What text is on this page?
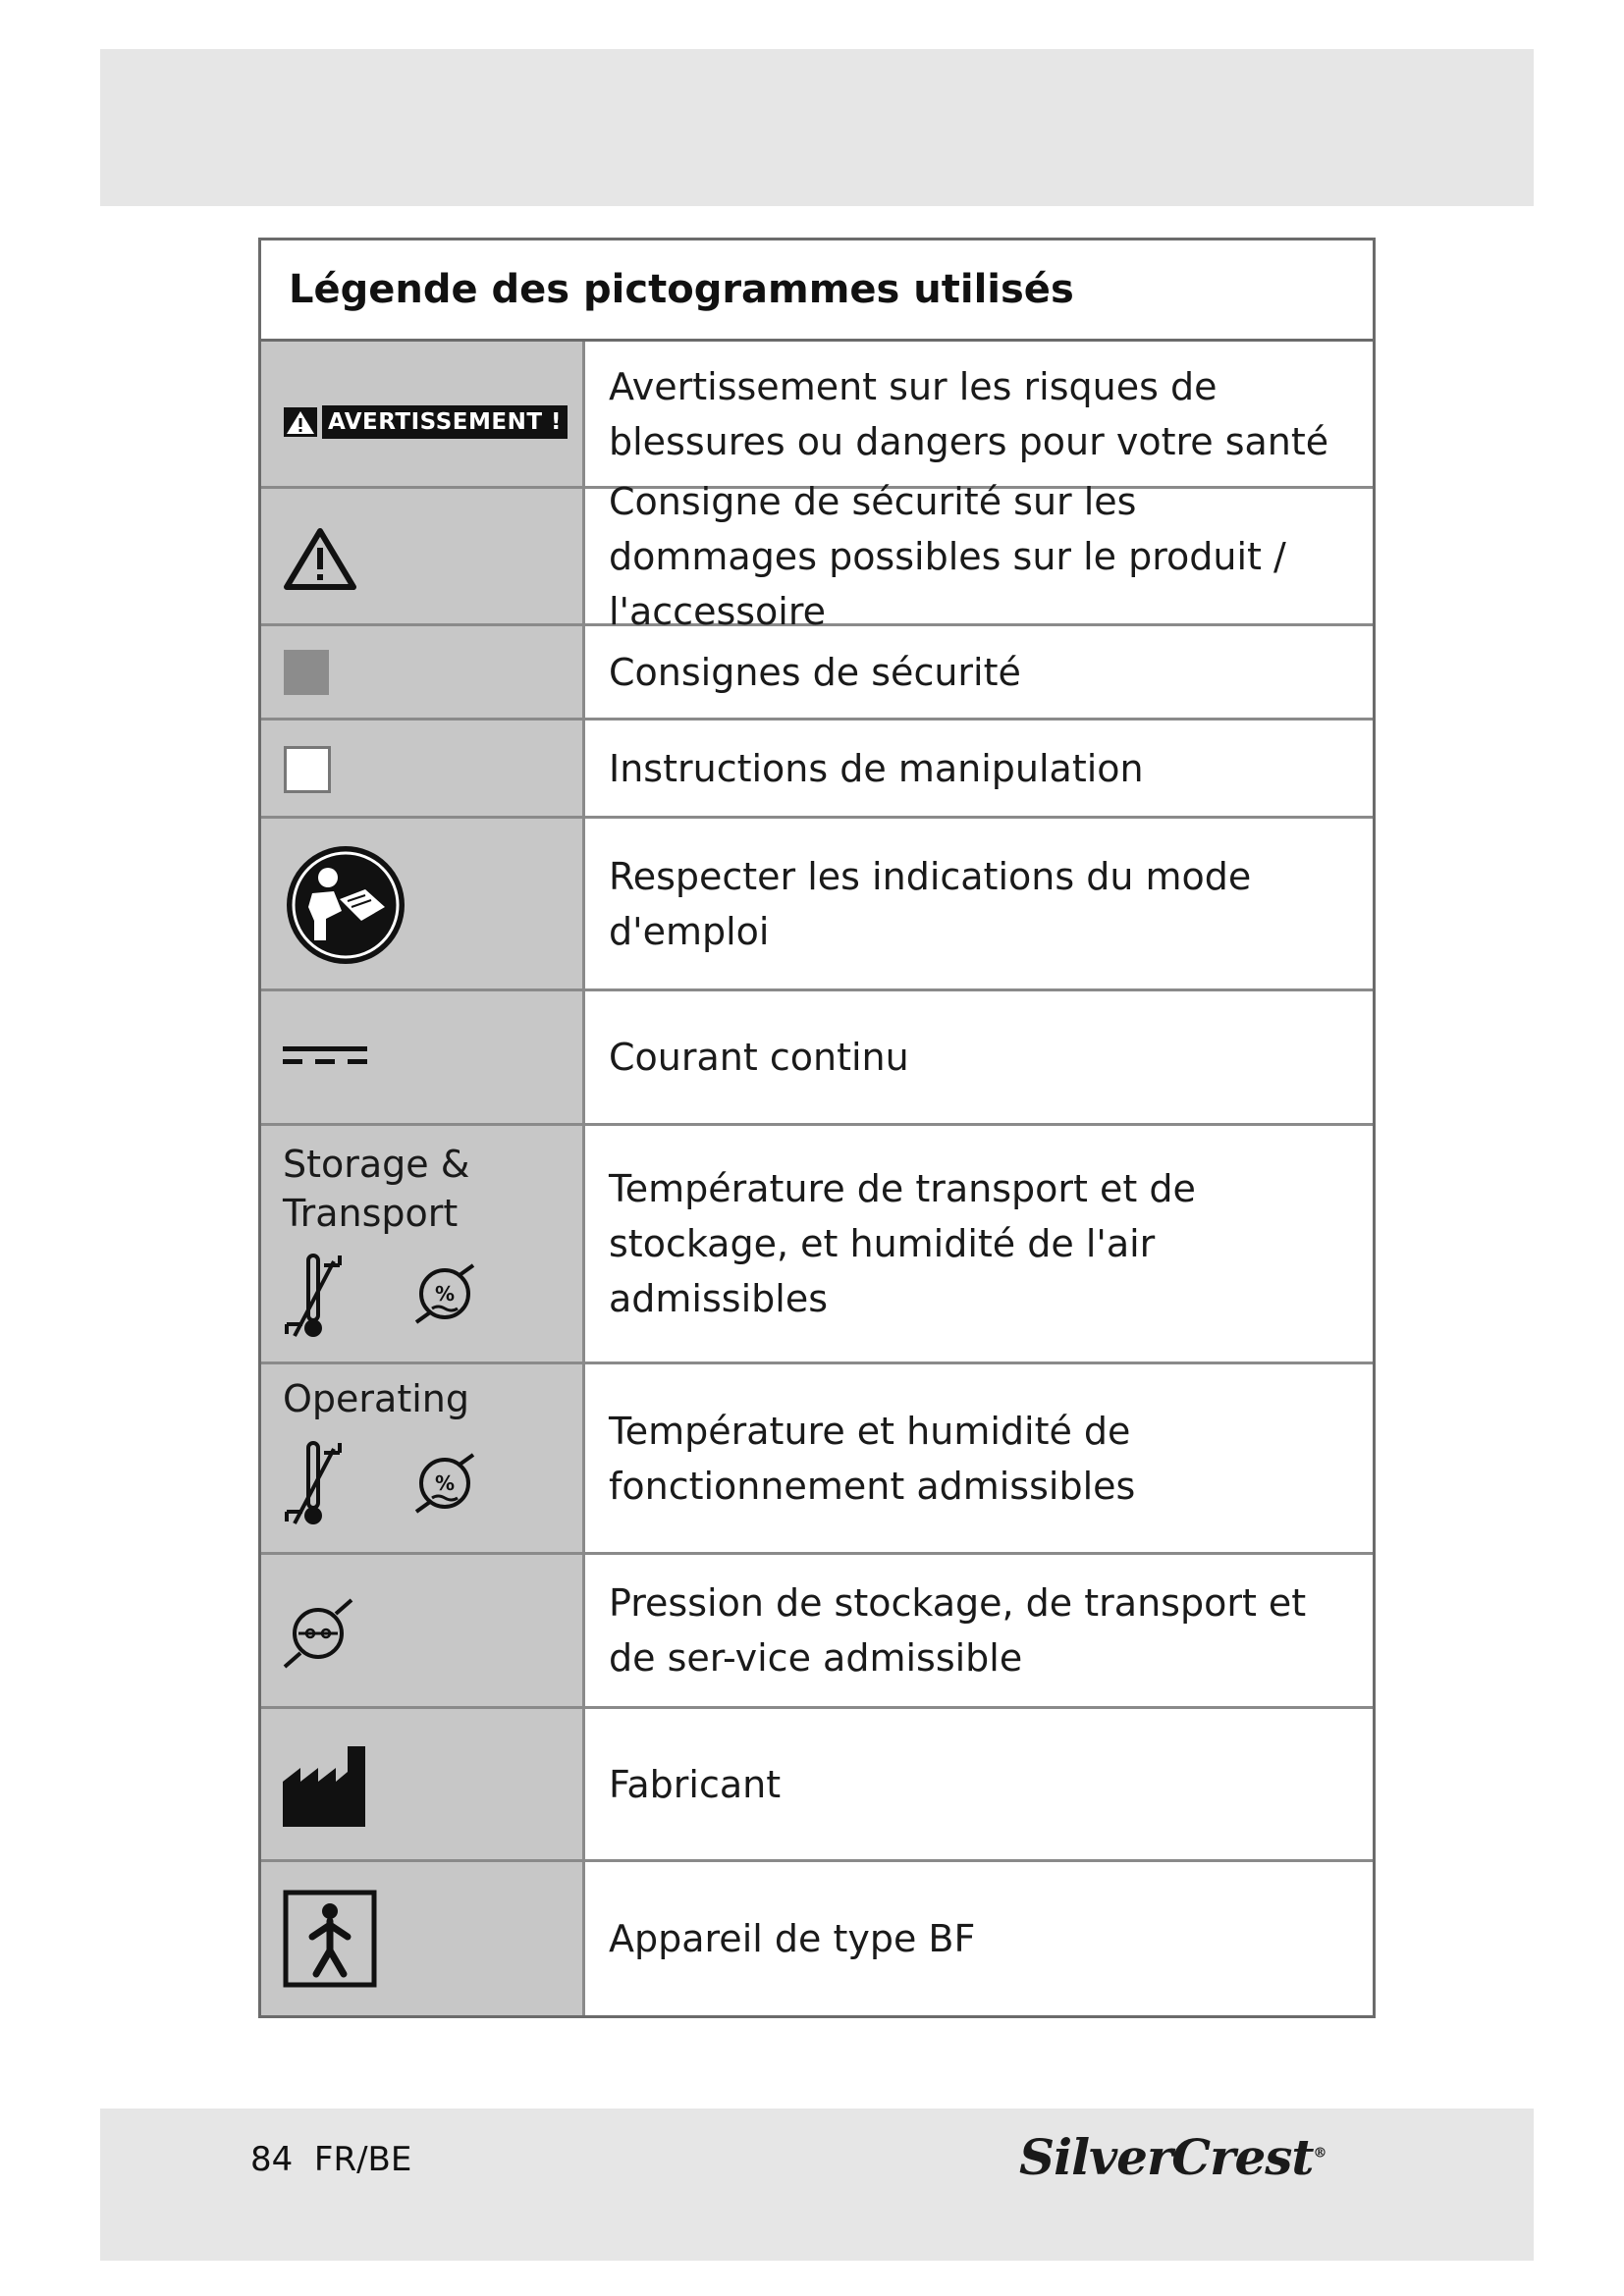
Légende des pictogrammes utilisés
AVERTISSEMENT !
Avertissement sur les risques de blessures ou dangers pour votre santé
Consigne de sécurité sur les dommages possibles sur le produit / l'accessoire
Consignes de sécurité
Instructions de manipulation
Respecter les indications du mode d'emploi
Courant continu
Storage &
Transport
%
Température de transport et de stockage, et humidité de l'air admissibles
Operating
%
Température et humidité de fonctionnement admissibles
Pression de stockage, de transport et de ser-vice admissible
Fabricant
Appareil de type BF
84 FR/BE	SilverCrest®
